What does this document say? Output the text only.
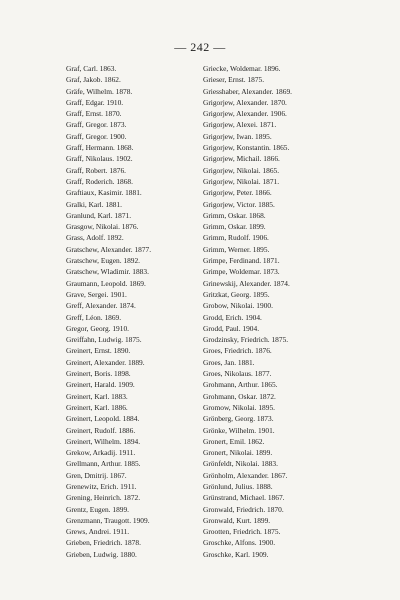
— 242 —
Graf, Carl. 1863.
Graf, Jakob. 1862.
Gräfe, Wilhelm. 1878.
Graff, Edgar. 1910.
Graff, Ernst. 1870.
Graff, Gregor. 1873.
Graff, Gregor. 1900.
Graff, Hermann. 1868.
Graff, Nikolaus. 1902.
Graff, Robert. 1876.
Graff, Roderich. 1868.
Graftiaux, Kasimir. 1881.
Gralki, Karl. 1881.
Granlund, Karl. 1871.
Grasgow, Nikolai. 1876.
Grass, Adolf. 1892.
Gratschew, Alexander. 1877.
Gratschew, Eugen. 1892.
Gratschew, Wladimir. 1883.
Graumann, Leopold. 1869.
Grave, Sergei. 1901.
Greff, Alexander. 1874.
Greff, Léon. 1869.
Gregor, Georg. 1910.
Greiffahn, Ludwig. 1875.
Greinert, Ernst. 1890.
Greinert, Alexander. 1889.
Greinert, Boris. 1898.
Greinert, Harald. 1909.
Greinert, Karl. 1883.
Greinert, Karl. 1886.
Greinert, Leopold. 1884.
Greinert, Rudolf. 1886.
Greinert, Wilhelm. 1894.
Grekow, Arkadij. 1911.
Grellmann, Arthur. 1885.
Gren, Dmitrij. 1867.
Grenewitz, Erich. 1911.
Grening, Heinrich. 1872.
Grentz, Eugen. 1899.
Grenzmann, Traugott. 1909.
Grews, Andrei. 1911.
Grieben, Friedrich. 1878.
Grieben, Ludwig. 1880.
Griecke, Woldemar. 1896.
Grieser, Ernst. 1875.
Griesshaber, Alexander. 1869.
Grigorjew, Alexander. 1870.
Grigorjew, Alexander. 1906.
Grigorjew, Alexei. 1871.
Grigorjew, Iwan. 1895.
Grigorjew, Konstantin. 1865.
Grigorjew, Michail. 1866.
Grigorjew, Nikolai. 1865.
Grigorjew, Nikolai. 1871.
Grigorjew, Peter. 1866.
Grigorjew, Victor. 1885.
Grimm, Oskar. 1868.
Grimm, Oskar. 1899.
Grimm, Rudolf. 1906.
Grimm, Werner. 1895.
Grimpe, Ferdinand. 1871.
Grimpe, Woldemar. 1873.
Grinewskij, Alexander. 1874.
Gritzkat, Georg. 1895.
Grobow, Nikolai. 1900.
Grodd, Erich. 1904.
Grodd, Paul. 1904.
Grodzinsky, Friedrich. 1875.
Groes, Friedrich. 1876.
Groes, Jan. 1881.
Groes, Nikolaus. 1877.
Grohmann, Arthur. 1865.
Grohmann, Oskar. 1872.
Gromow, Nikolai. 1895.
Grönberg, Georg. 1873.
Grönke, Wilhelm. 1901.
Gronert, Emil. 1862.
Gronert, Nikolai. 1899.
Grönfeldt, Nikolai. 1883.
Grönholm, Alexander. 1867.
Grönlund, Julius. 1888.
Grünstrand, Michael. 1867.
Gronwald, Friedrich. 1870.
Gronwald, Kurt. 1899.
Grootten, Friedrich. 1875.
Groschke, Alfons. 1900.
Groschke, Karl. 1909.
